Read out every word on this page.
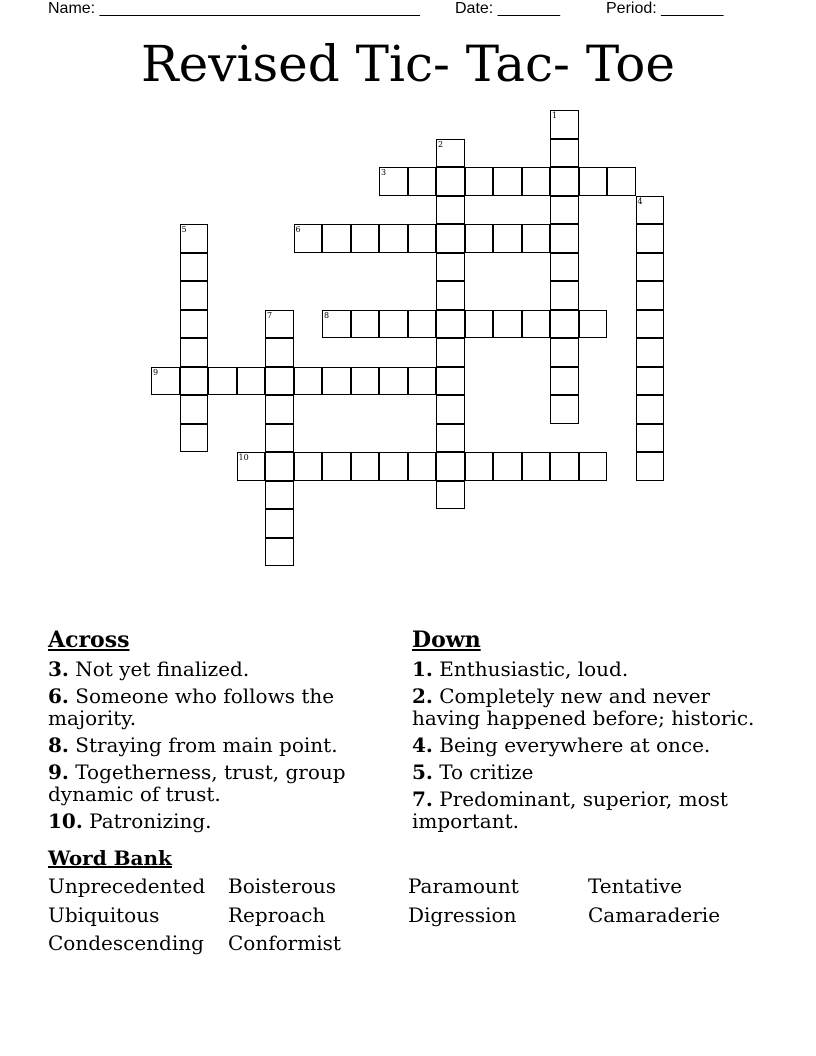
Name: ____________________________________ Date: _______	Period: _______
Revised Tic- Tac- Toe
1
2
3
4
5	6
7	8
9
10
Across
3. Not yet finalized.
6. Someone who follows the majority.
8. Straying from main point.
9. Togetherness, trust, group dynamic of trust.
10. Patronizing.
Down
1. Enthusiastic, loud.
2. Completely new and never having happened before; historic.
4. Being everywhere at once.
5. To critize
7. Predominant, superior, most important.
Word Bank
Unprecedented Boisterous	Paramount	Tentative
Ubiquitous	Reproach	Digression	Camaraderie
Condescending Conformist
